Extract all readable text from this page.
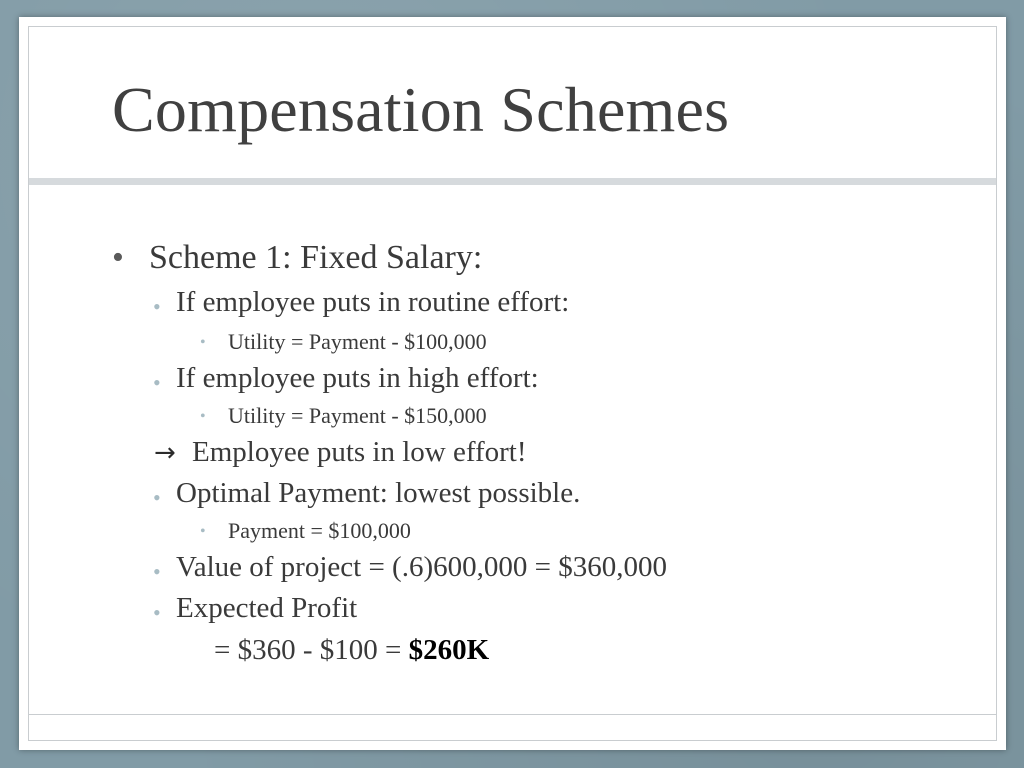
Compensation Schemes
• Scheme 1: Fixed Salary:
• If employee puts in routine effort:
• Utility = Payment - $100,000
• If employee puts in high effort:
• Utility = Payment - $150,000
→ Employee puts in low effort!
• Optimal Payment: lowest possible.
• Payment = $100,000
• Value of project = (.6)600,000 = $360,000
• Expected Profit
= $360 - $100 = $260K
